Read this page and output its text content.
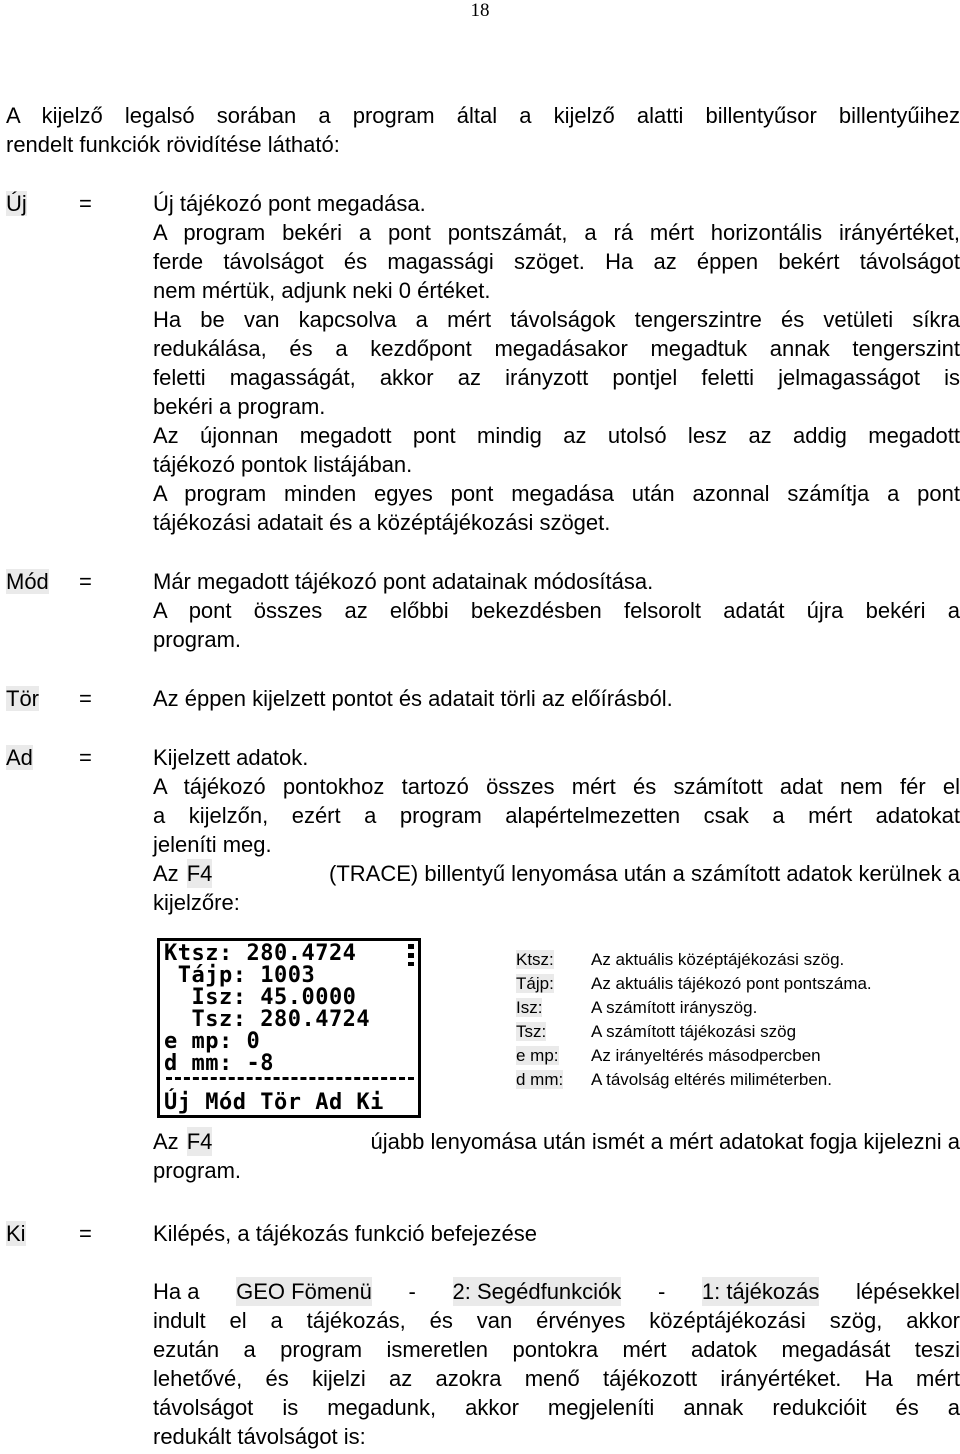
18
A kijelző legalsó sorában a program által a kijelző alatti billentyűsor billentyűihez
rendelt funkciók rövidítése látható:
Új =	Új tájékozó pont megadása.
A program bekéri a pont pontszámát, a rá mért horizontális irányértéket,
ferde távolságot és magassági szöget. Ha az éppen bekért távolságot
nem mértük, adjunk neki 0 értéket.
Ha be van kapcsolva a mért távolságok tengerszintre és vetületi síkra
redukálása, és a kezdőpont megadásakor megadtuk annak tengerszint
feletti magasságát, akkor az irányzott pontjel feletti jelmagasságot is
bekéri a program.
Az újonnan megadott pont mindig az utolsó lesz az addig megadott
tájékozó pontok listájában.
A program minden egyes pont megadása után azonnal számítja a pont
tájékozási adatait és a középtájékozási szöget.
Mód =	Már megadott tájékozó pont adatainak módosítása.
A pont összes az előbbi bekezdésben felsorolt adatát újra bekéri a
program.
Tör =	Az éppen kijelzett pontot és adatait törli az előírásból.
Ad =	Kijelzett adatok.
A tájékozó pontokhoz tartozó összes mért és számított adat nem fér el
a kijelzőn, ezért a program alapértelmezetten csak a mért adatokat
jeleníti meg.
Az F4	(TRACE) billentyű lenyomása után a számított adatok kerülnek a
kijelzőre:
Ktsz: 280.4724
Tájp: 1003
Isz: 45.0000
Tsz: 280.4724
e mp: 0
d mm: -8
Új Mód Tör Ad Ki
Ktsz: Az aktuális középtájékozási szög.
Tájp: Az aktuális tájékozó pont pontszáma.
Isz:	A számított irányszög.
Tsz:	A számított tájékozási szög
e mp: Az irányeltérés másodpercben
d mm: A távolság eltérés miliméterben.
Az F4	újabb lenyomása után ismét a mért adatokat fogja kijelezni a
program.
Ki =	Kilépés, a tájékozás funkció befejezése
Ha a GEO Fömenü - 2: Segédfunkciók - 1: tájékozás lépésekkel
indult el a tájékozás, és van érvényes középtájékozási szög, akkor
ezután a program ismeretlen pontokra mért adatok megadását teszi
lehetővé, és kijelzi az azokra menő tájékozott irányértéket. Ha mért
távolságot is megadunk, akkor megjeleníti annak redukcióit és a
redukált távolságot is:
